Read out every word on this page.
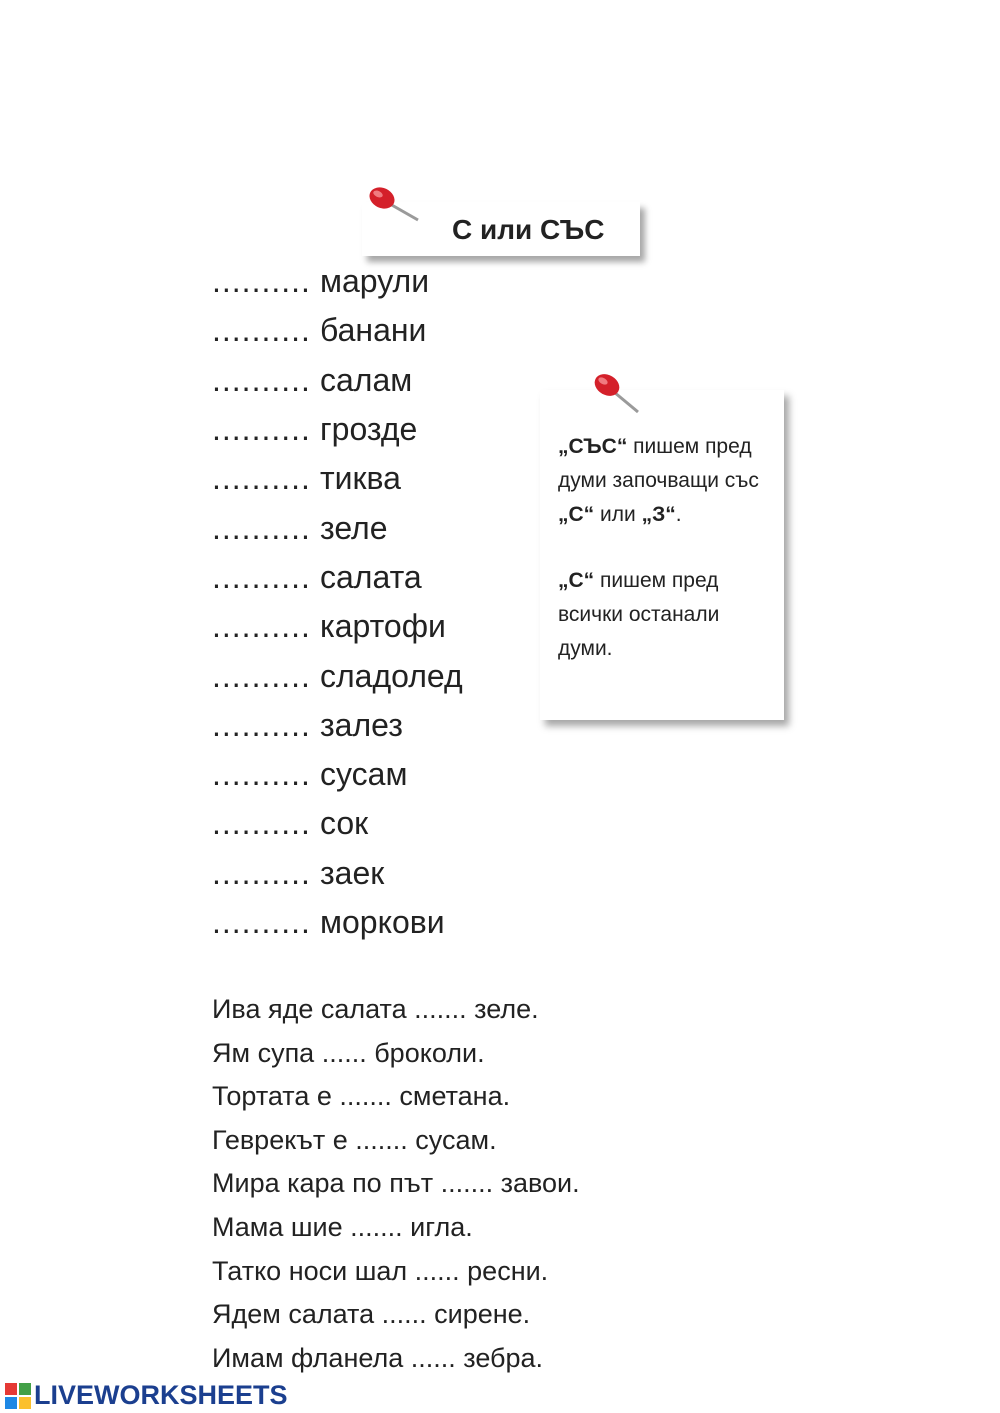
С или СЪС
.......... марули
.......... банани
.......... салам
.......... грозде
.......... тиква
.......... зеле
.......... салата
.......... картофи
.......... сладолед
.......... залез
.......... сусам
.......... сок
.......... заек
.......... моркови

„СЪС“ пишем пред думи започващи със „С“ или „З“.

„С“ пишем пред всички останали думи.

Ива яде салата ....... зеле.
Ям супа ...... броколи.
Тортата е ....... сметана.
Геврекът е ....... сусам.
Мира кара по път ....... завои.
Мама шие ....... игла.
Татко носи шал ...... ресни.
Ядем салата ...... сирене.
Имам фланела ...... зебра.
LIVEWORKSHEETS
